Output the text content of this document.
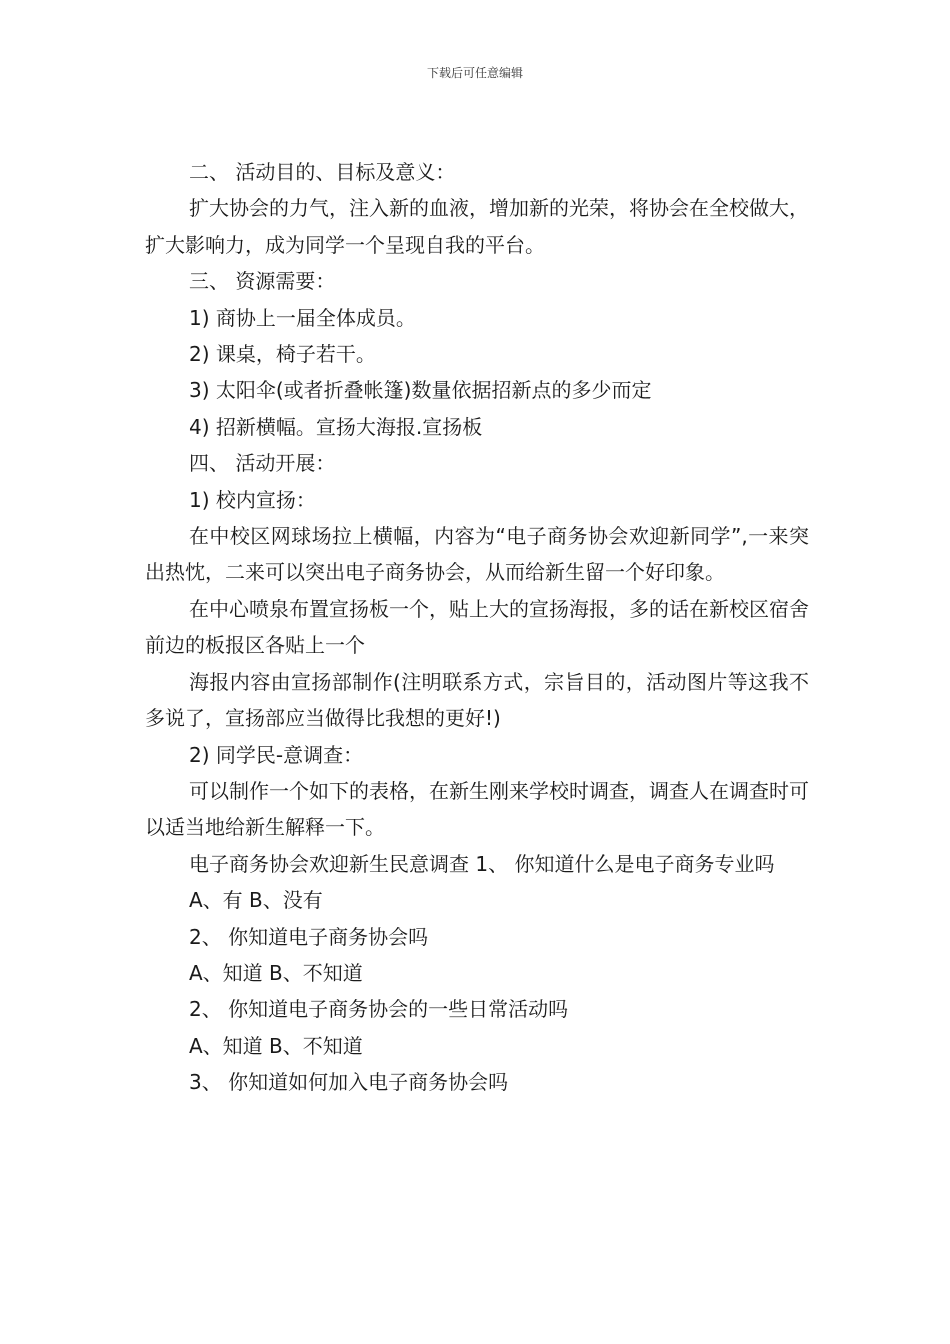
下载后可任意编辑

二、 活动目的、目标及意义：

扩大协会的力气，注入新的血液，增加新的光荣，将协会在全校做大，扩大影响力，成为同学一个呈现自我的平台。

三、 资源需要：

1) 商协上一届全体成员。

2) 课桌，椅子若干。

3) 太阳伞(或者折叠帐篷)数量依据招新点的多少而定

4) 招新横幅。宣扬大海报.宣扬板

四、 活动开展：

1) 校内宣扬：

在中校区网球场拉上横幅，内容为“电子商务协会欢迎新同学”,一来突出热忱，二来可以突出电子商务协会，从而给新生留一个好印象。

在中心喷泉布置宣扬板一个，贴上大的宣扬海报，多的话在新校区宿舍前边的板报区各贴上一个

海报内容由宣扬部制作(注明联系方式，宗旨目的，活动图片等这我不多说了，宣扬部应当做得比我想的更好!)

2) 同学民-意调查：

可以制作一个如下的表格，在新生刚来学校时调查，调查人在调查时可以适当地给新生解释一下。

电子商务协会欢迎新生民意调查 1、 你知道什么是电子商务专业吗

A、有 B、没有

2、 你知道电子商务协会吗

A、知道 B、不知道

2、 你知道电子商务协会的一些日常活动吗

A、知道 B、不知道

3、 你知道如何加入电子商务协会吗
